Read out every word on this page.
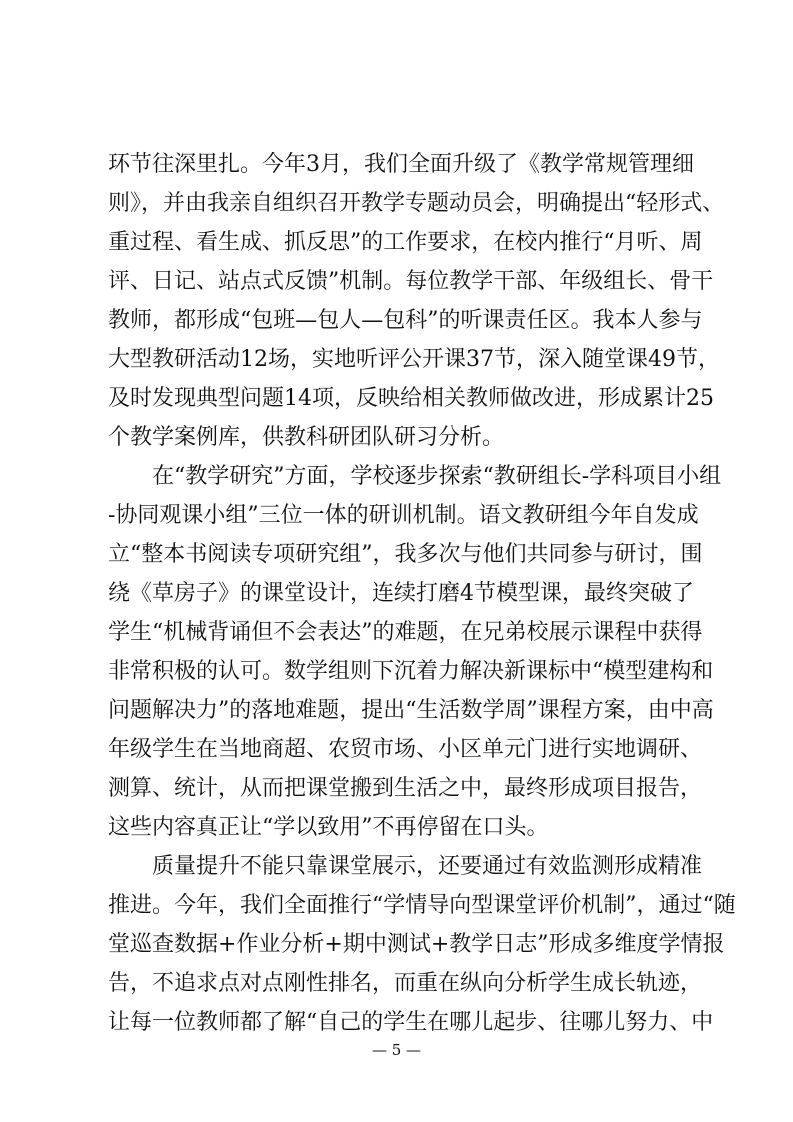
环节往深里扎。今年3月，我们全面升级了《教学常规管理细
则》，并由我亲自组织召开教学专题动员会，明确提出“轻形式、
重过程、看生成、抓反思”的工作要求，在校内推行“月听、周
评、日记、站点式反馈”机制。每位教学干部、年级组长、骨干
教师，都形成“包班—包人—包科”的听课责任区。我本人参与
大型教研活动12场，实地听评公开课37节，深入随堂课49节，
及时发现典型问题14项，反映给相关教师做改进，形成累计25
个教学案例库，供教科研团队研习分析。
在“教学研究”方面，学校逐步探索“教研组长-学科项目小组
-协同观课小组”三位一体的研训机制。语文教研组今年自发成
立“整本书阅读专项研究组”，我多次与他们共同参与研讨，围
绕《草房子》的课堂设计，连续打磨4节模型课，最终突破了
学生“机械背诵但不会表达”的难题，在兄弟校展示课程中获得
非常积极的认可。数学组则下沉着力解决新课标中“模型建构和
问题解决力”的落地难题，提出“生活数学周”课程方案，由中高
年级学生在当地商超、农贸市场、小区单元门进行实地调研、
测算、统计，从而把课堂搬到生活之中，最终形成项目报告，
这些内容真正让“学以致用”不再停留在口头。
质量提升不能只靠课堂展示，还要通过有效监测形成精准
推进。今年，我们全面推行“学情导向型课堂评价机制”，通过“随
堂巡查数据+作业分析+期中测试+教学日志”形成多维度学情报
告，不追求点对点刚性排名，而重在纵向分析学生成长轨迹，
让每一位教师都了解“自己的学生在哪儿起步、往哪儿努力、中
— 5 —
